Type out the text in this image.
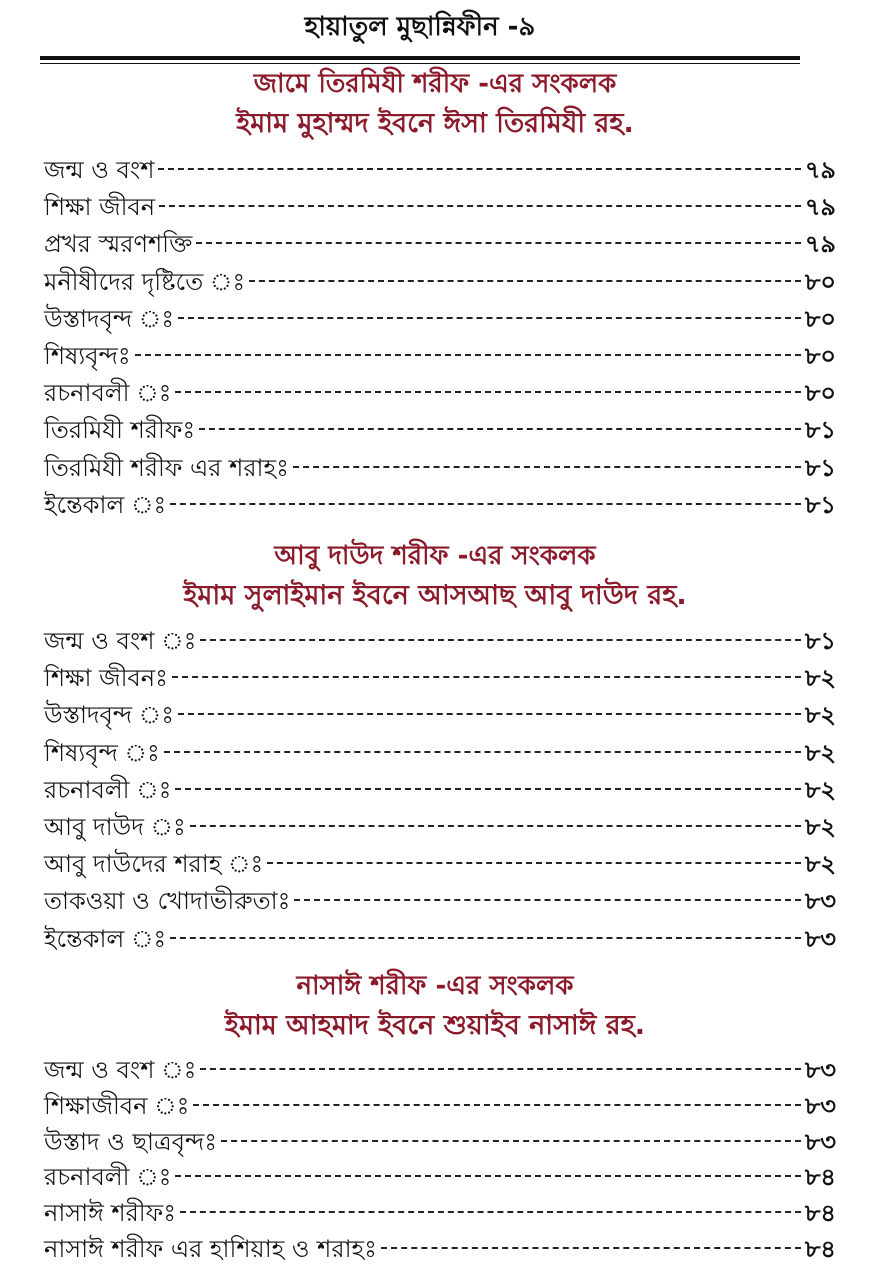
হায়াতুল মুছান্নিফীন -৯
জামে তিরমিযী শরীফ -এর সংকলক
ইমাম মুহাম্মদ ইবনে ঈসা তিরমিযী রহ.
জন্ম ও বংশ	৭৯
শিক্ষা জীবন	৭৯
প্রখর স্মরণশক্তি	৭৯
মনীষীদের দৃষ্টিতে ঃ	৮০
উস্তাদবৃন্দ ঃ	৮০
শিষ্যবৃন্দঃ	৮০
রচনাবলী ঃ	৮০
তিরমিযী শরীফঃ	৮১
তিরমিযী শরীফ এর শরাহঃ	৮১
ইন্তেকাল ঃ	৮১
আবু দাউদ শরীফ -এর সংকলক
ইমাম সুলাইমান ইবনে আসআছ আবু দাউদ রহ.
জন্ম ও বংশ ঃ	৮১
শিক্ষা জীবনঃ	৮২
উস্তাদবৃন্দ ঃ	৮২
শিষ্যবৃন্দ ঃ	৮২
রচনাবলী ঃ	৮২
আবু দাউদ ঃ	৮২
আবু দাউদের শরাহ ঃ	৮২
তাকওয়া ও খোদাভীরুতাঃ	৮৩
ইন্তেকাল ঃ	৮৩
নাসাঈ শরীফ -এর সংকলক
ইমাম আহমাদ ইবনে শুয়াইব নাসাঈ রহ.
জন্ম ও বংশ ঃ	৮৩
শিক্ষাজীবন ঃ	৮৩
উস্তাদ ও ছাত্রবৃন্দঃ	৮৩
রচনাবলী ঃ	৮৪
নাসাঈ শরীফঃ	৮৪
নাসাঈ শরীফ এর হাশিয়াহ ও শরাহঃ	৮৪
